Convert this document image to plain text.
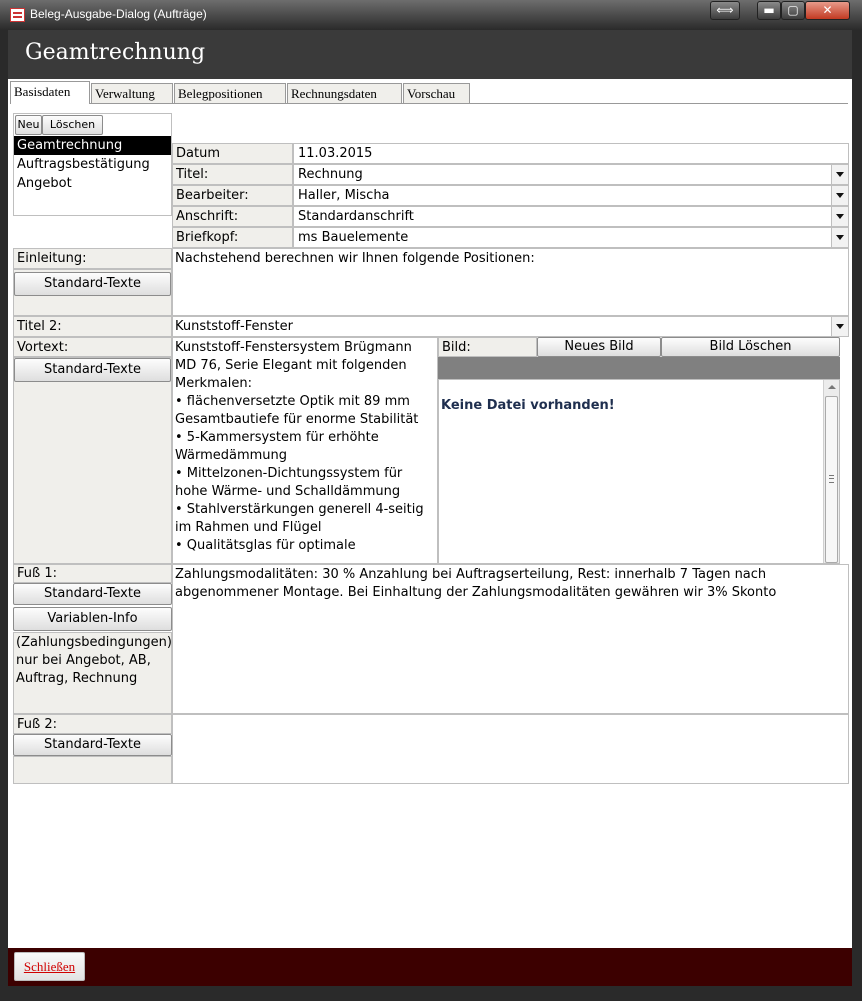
Beleg-Ausgabe-Dialog (Aufträge)	⟺	▬	▢	✕
Geamtrechnung
Basisdaten	Verwaltung	Belegpositionen	Rechnungsdaten	Vorschau
Neu Löschen
Geamtrechnung
Auftragsbestätigung
Angebot
Datum	11.03.2015
Titel:	Rechnung
Bearbeiter:	Haller, Mischa
Anschrift:	Standardanschrift
Briefkopf:	ms Bauelemente
Einleitung:
Standard-Texte
Nachstehend berechnen wir Ihnen folgende Positionen:
Titel 2:	Kunststoff-Fenster
Vortext:
Standard-Texte
Kunststoff-Fenstersystem Brügmann
MD 76, Serie Elegant mit folgenden
Merkmalen:
• flächenversetzte Optik mit 89 mm
Gesamtbautiefe für enorme Stabilität
• 5-Kammersystem für erhöhte
Wärmedämmung
• Mittelzonen-Dichtungssystem für
hohe Wärme- und Schalldämmung
• Stahlverstärkungen generell 4-seitig
im Rahmen und Flügel
• Qualitätsglas für optimale
Bild:	Neues Bild	Bild Löschen
Keine Datei vorhanden!
Fuß 1:
Standard-Texte
Variablen-Info
(Zahlungsbedingungen) nur bei Angebot, AB, Auftrag, Rechnung
Zahlungsmodalitäten: 30 % Anzahlung bei Auftragserteilung, Rest: innerhalb 7 Tagen nach abgenommener Montage. Bei Einhaltung der Zahlungsmodalitäten gewähren wir 3% Skonto
Fuß 2:
Standard-Texte
Schließen
